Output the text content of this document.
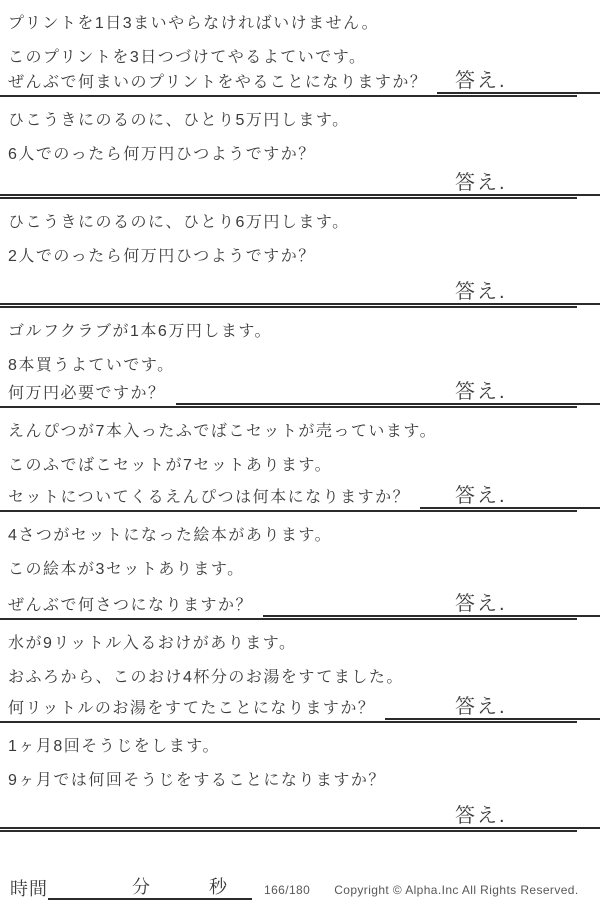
プリントを1日3まいやらなければいけません。
このプリントを3日つづけてやるよていです。
ぜんぶで何まいのプリントをやることになりますか？ 答え.
ひこうきにのるのに、ひとり5万円します。
6人でのったら何万円ひつようですか？
答え.
ひこうきにのるのに、ひとり6万円します。
2人でのったら何万円ひつようですか？
答え.
ゴルフクラブが1本6万円します。
8本買うよていです。
何万円必要ですか？	答え.
えんぴつが7本入ったふでばこセットが売っています。
このふでばこセットが7セットあります。
セットについてくるえんぴつは何本になりますか？ 答え.
4さつがセットになった絵本があります。
この絵本が3セットあります。
ぜんぶで何さつになりますか？	答え.
水が9リットル入るおけがあります。
おふろから、このおけ4杯分のお湯をすてました。
何リットルのお湯をすてたことになりますか？	答え.
1ヶ月8回そうじをします。
9ヶ月では何回そうじをすることになりますか？
答え.
時間	分	秒	166/180 Copyright © Alpha.Inc All Rights Reserved.
